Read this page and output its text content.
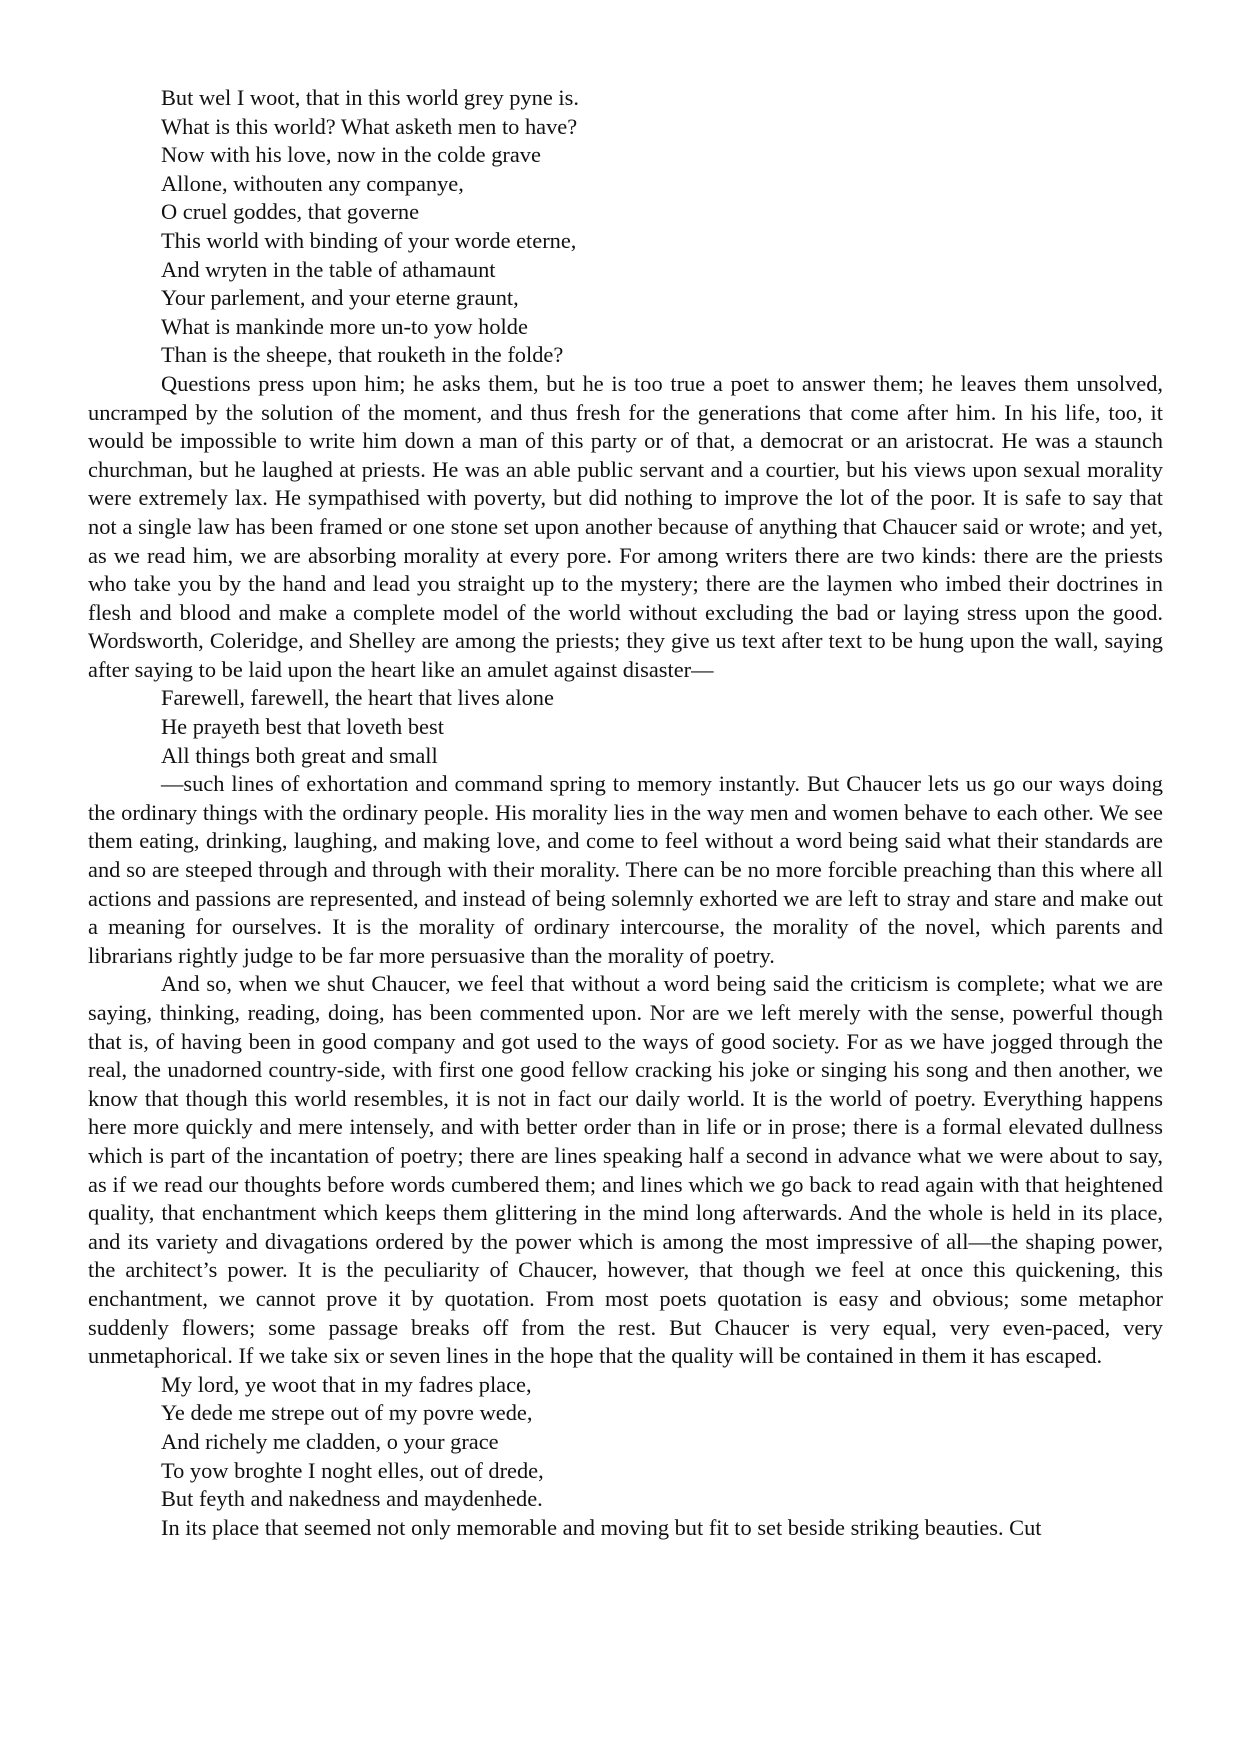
But wel I woot, that in this world grey pyne is.
What is this world? What asketh men to have?
Now with his love, now in the colde grave
Allone, withouten any companye,
O cruel goddes, that governe
This world with binding of your worde eterne,
And wryten in the table of athamaunt
Your parlement, and your eterne graunt,
What is mankinde more un-to yow holde
Than is the sheepe, that rouketh in the folde?

Questions press upon him; he asks them, but he is too true a poet to answer them; he leaves them unsolved, uncramped by the solution of the moment, and thus fresh for the generations that come after him. In his life, too, it would be impossible to write him down a man of this party or of that, a democrat or an aristocrat. He was a staunch churchman, but he laughed at priests. He was an able public servant and a courtier, but his views upon sexual morality were extremely lax. He sympathised with poverty, but did nothing to improve the lot of the poor. It is safe to say that not a single law has been framed or one stone set upon another because of anything that Chaucer said or wrote; and yet, as we read him, we are absorbing morality at every pore. For among writers there are two kinds: there are the priests who take you by the hand and lead you straight up to the mystery; there are the laymen who imbed their doctrines in flesh and blood and make a complete model of the world without excluding the bad or laying stress upon the good. Wordsworth, Coleridge, and Shelley are among the priests; they give us text after text to be hung upon the wall, saying after saying to be laid upon the heart like an amulet against disaster—

Farewell, farewell, the heart that lives alone
He prayeth best that loveth best
All things both great and small

—such lines of exhortation and command spring to memory instantly. But Chaucer lets us go our ways doing the ordinary things with the ordinary people. His morality lies in the way men and women behave to each other. We see them eating, drinking, laughing, and making love, and come to feel without a word being said what their standards are and so are steeped through and through with their morality. There can be no more forcible preaching than this where all actions and passions are represented, and instead of being solemnly exhorted we are left to stray and stare and make out a meaning for ourselves. It is the morality of ordinary intercourse, the morality of the novel, which parents and librarians rightly judge to be far more persuasive than the morality of poetry.

And so, when we shut Chaucer, we feel that without a word being said the criticism is complete; what we are saying, thinking, reading, doing, has been commented upon. Nor are we left merely with the sense, powerful though that is, of having been in good company and got used to the ways of good society. For as we have jogged through the real, the unadorned country-side, with first one good fellow cracking his joke or singing his song and then another, we know that though this world resembles, it is not in fact our daily world. It is the world of poetry. Everything happens here more quickly and mere intensely, and with better order than in life or in prose; there is a formal elevated dullness which is part of the incantation of poetry; there are lines speaking half a second in advance what we were about to say, as if we read our thoughts before words cumbered them; and lines which we go back to read again with that heightened quality, that enchantment which keeps them glittering in the mind long afterwards. And the whole is held in its place, and its variety and divagations ordered by the power which is among the most impressive of all—the shaping power, the architect’s power. It is the peculiarity of Chaucer, however, that though we feel at once this quickening, this enchantment, we cannot prove it by quotation. From most poets quotation is easy and obvious; some metaphor suddenly flowers; some passage breaks off from the rest. But Chaucer is very equal, very even-paced, very unmetaphorical. If we take six or seven lines in the hope that the quality will be contained in them it has escaped.

My lord, ye woot that in my fadres place,
Ye dede me strepe out of my povre wede,
And richely me cladden, o your grace
To yow broghte I noght elles, out of drede,
But feyth and nakedness and maydenhede.

In its place that seemed not only memorable and moving but fit to set beside striking beauties. Cut
